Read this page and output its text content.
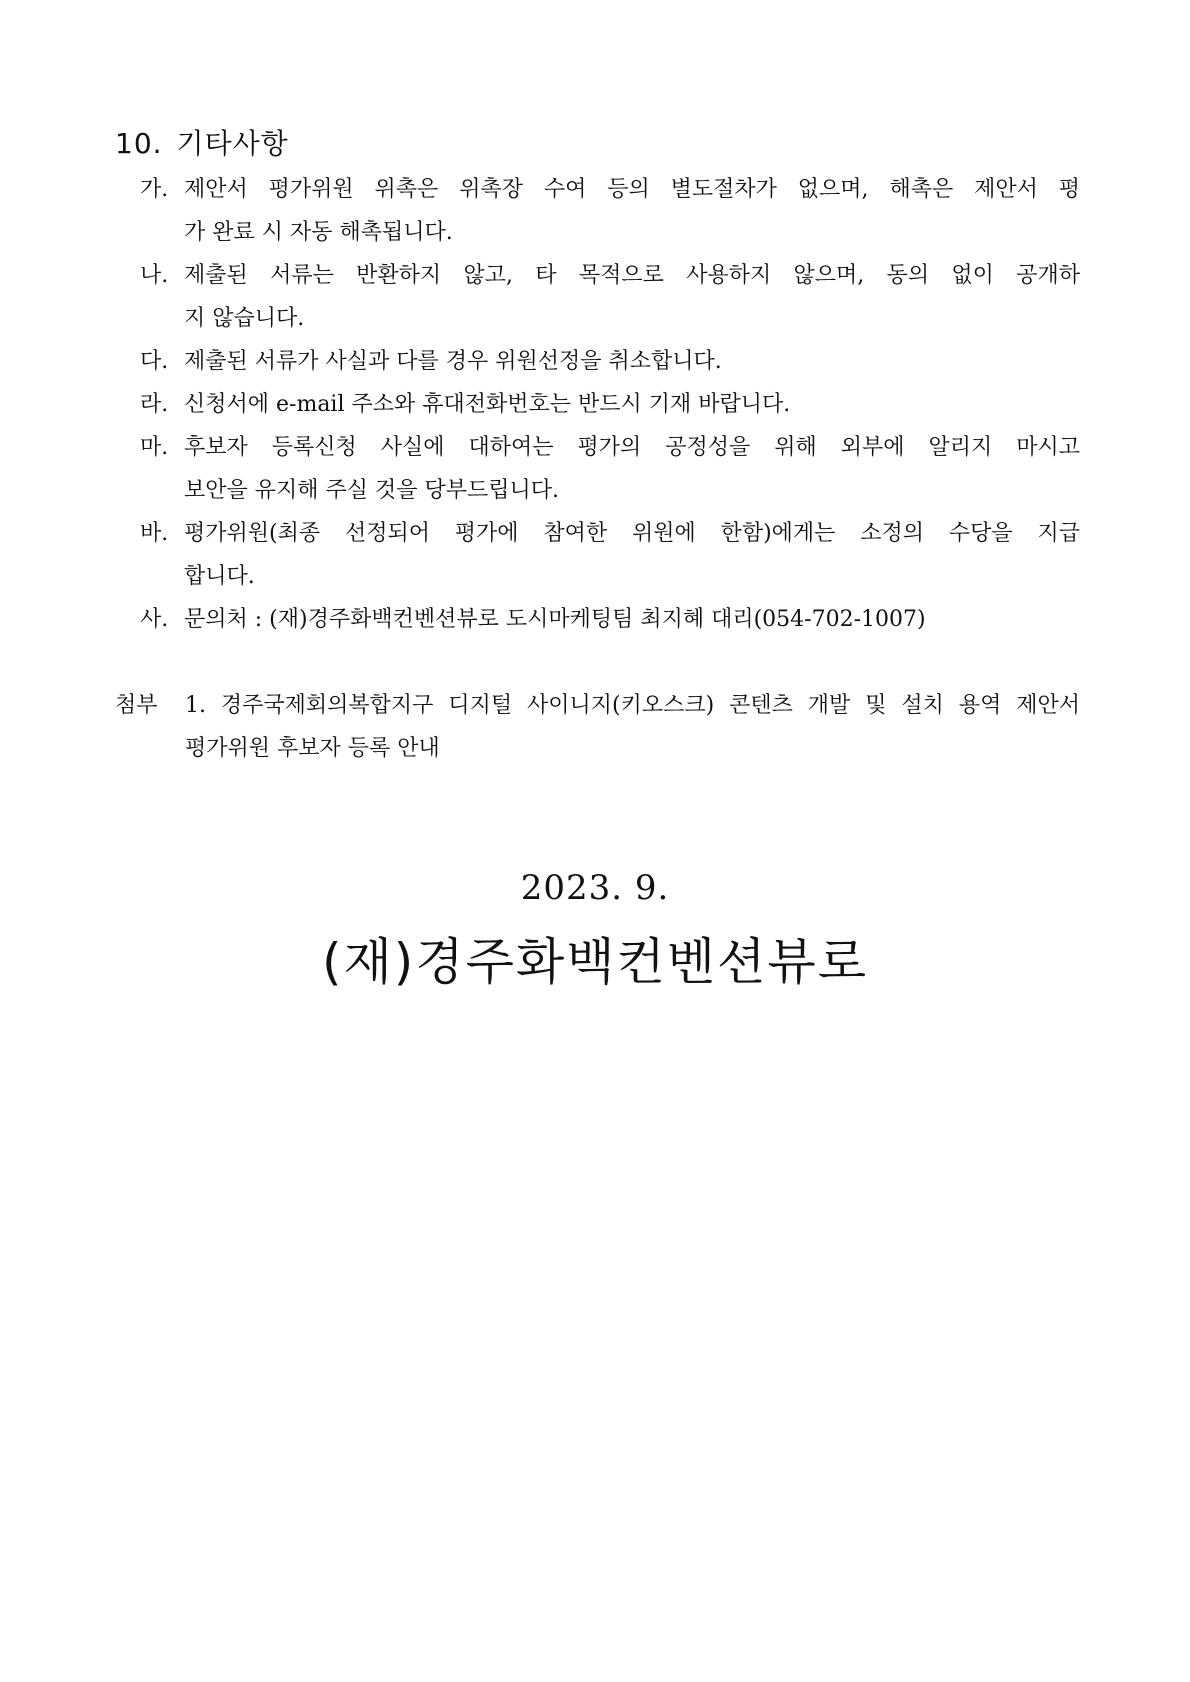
10. 기타사항
가. 제안서 평가위원 위촉은 위촉장 수여 등의 별도절차가 없으며, 해촉은 제안서 평
가 완료 시 자동 해촉됩니다.
나. 제출된 서류는 반환하지 않고, 타 목적으로 사용하지 않으며, 동의 없이 공개하
지 않습니다.
다. 제출된 서류가 사실과 다를 경우 위원선정을 취소합니다.
라. 신청서에 e-mail 주소와 휴대전화번호는 반드시 기재 바랍니다.
마. 후보자 등록신청 사실에 대하여는 평가의 공정성을 위해 외부에 알리지 마시고
보안을 유지해 주실 것을 당부드립니다.
바. 평가위원(최종 선정되어 평가에 참여한 위원에 한함)에게는 소정의 수당을 지급
합니다.
사. 문의처 : (재)경주화백컨벤션뷰로 도시마케팅팀 최지혜 대리(054-702-1007)
첨부 1. 경주국제회의복합지구 디지털 사이니지(키오스크) 콘텐츠 개발 및 설치 용역 제안서
평가위원 후보자 등록 안내
2023. 9.
(재)경주화백컨벤션뷰로
